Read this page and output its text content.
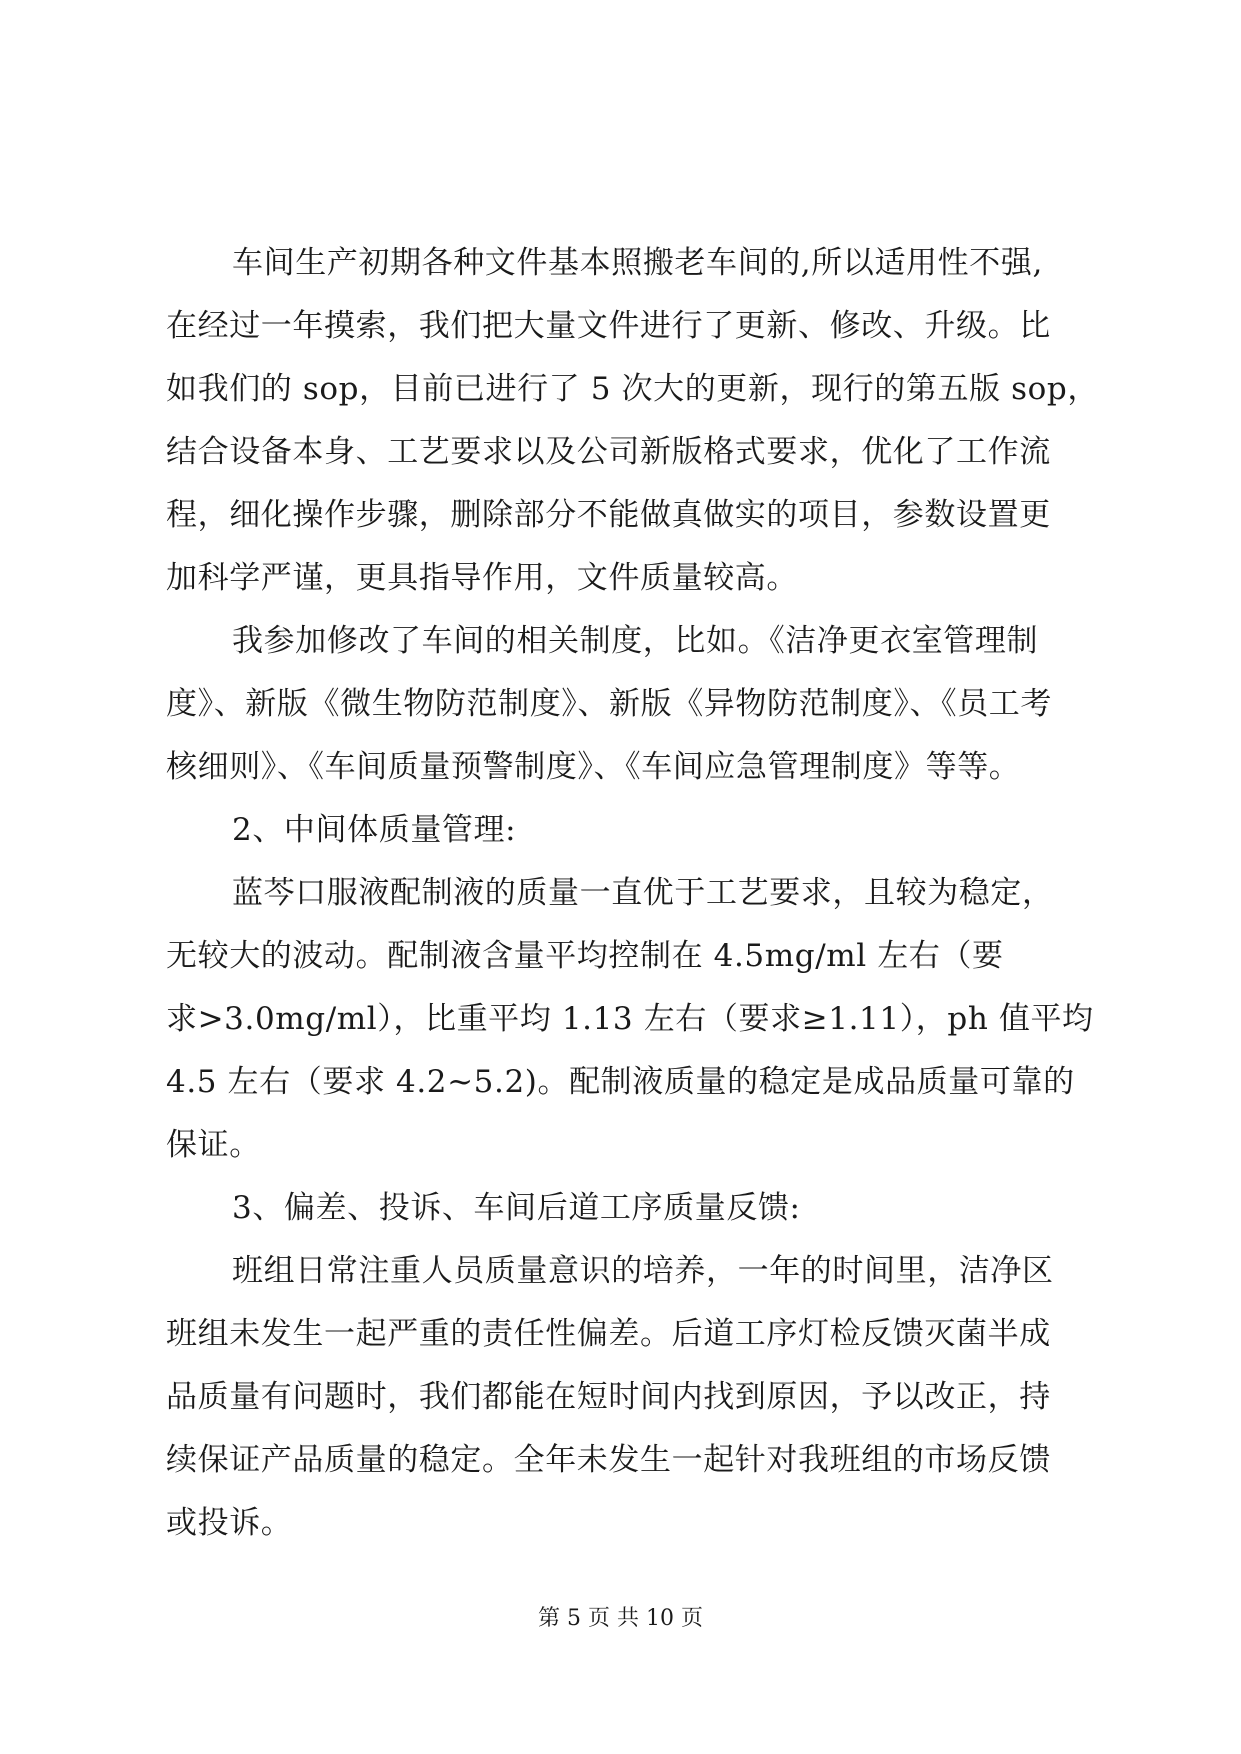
车间生产初期各种文件基本照搬老车间的,所以适用性不强,
在经过一年摸索，我们把大量文件进行了更新、修改、升级。比
如我们的 sop，目前已进行了 5 次大的更新，现行的第五版 sop，
结合设备本身、工艺要求以及公司新版格式要求，优化了工作流
程，细化操作步骤，删除部分不能做真做实的项目，参数设置更
加科学严谨，更具指导作用，文件质量较高。
我参加修改了车间的相关制度，比如。《洁净更衣室管理制
度》、新版《微生物防范制度》、新版《异物防范制度》、《员工考
核细则》、《车间质量预警制度》、《车间应急管理制度》等等。
2、中间体质量管理:
蓝芩口服液配制液的质量一直优于工艺要求，且较为稳定，
无较大的波动。配制液含量平均控制在 4.5mg/ml 左右（要
求>3.0mg/ml），比重平均 1.13 左右（要求≥1.11），ph 值平均
4.5 左右（要求 4.2~5.2)。配制液质量的稳定是成品质量可靠的
保证。
3、偏差、投诉、车间后道工序质量反馈:
班组日常注重人员质量意识的培养，一年的时间里，洁净区
班组未发生一起严重的责任性偏差。后道工序灯检反馈灭菌半成
品质量有问题时，我们都能在短时间内找到原因，予以改正，持
续保证产品质量的稳定。全年未发生一起针对我班组的市场反馈
或投诉。
第 5 页 共 10 页
